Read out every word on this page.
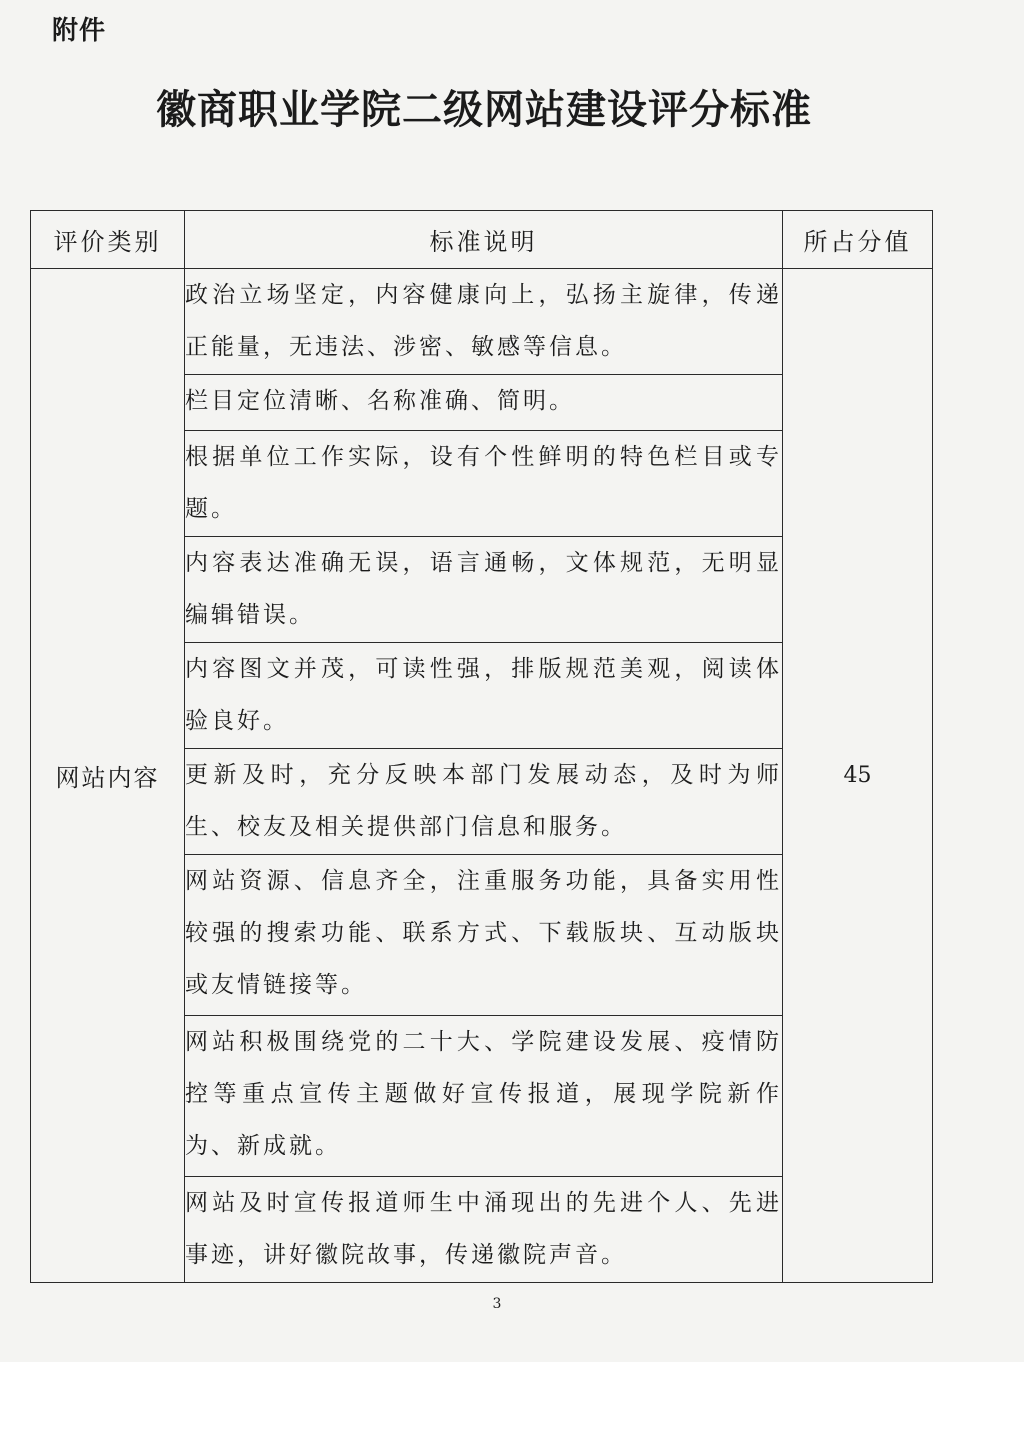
附件
徽商职业学院二级网站建设评分标准
评价类别	标准说明	所占分值
网站内容	政治立场坚定，内容健康向上，弘扬主旋律，传递正能量，无违法、涉密、敏感等信息。	45
	栏目定位清晰、名称准确、简明。	
	根据单位工作实际，设有个性鲜明的特色栏目或专题。	
	内容表达准确无误，语言通畅，文体规范，无明显编辑错误。	
	内容图文并茂，可读性强，排版规范美观，阅读体验良好。	
	更新及时，充分反映本部门发展动态，及时为师生、校友及相关提供部门信息和服务。	
	网站资源、信息齐全，注重服务功能，具备实用性较强的搜索功能、联系方式、下载版块、互动版块或友情链接等。	
	网站积极围绕党的二十大、学院建设发展、疫情防控等重点宣传主题做好宣传报道，展现学院新作为、新成就。	
	网站及时宣传报道师生中涌现出的先进个人、先进事迹，讲好徽院故事，传递徽院声音。	
3
